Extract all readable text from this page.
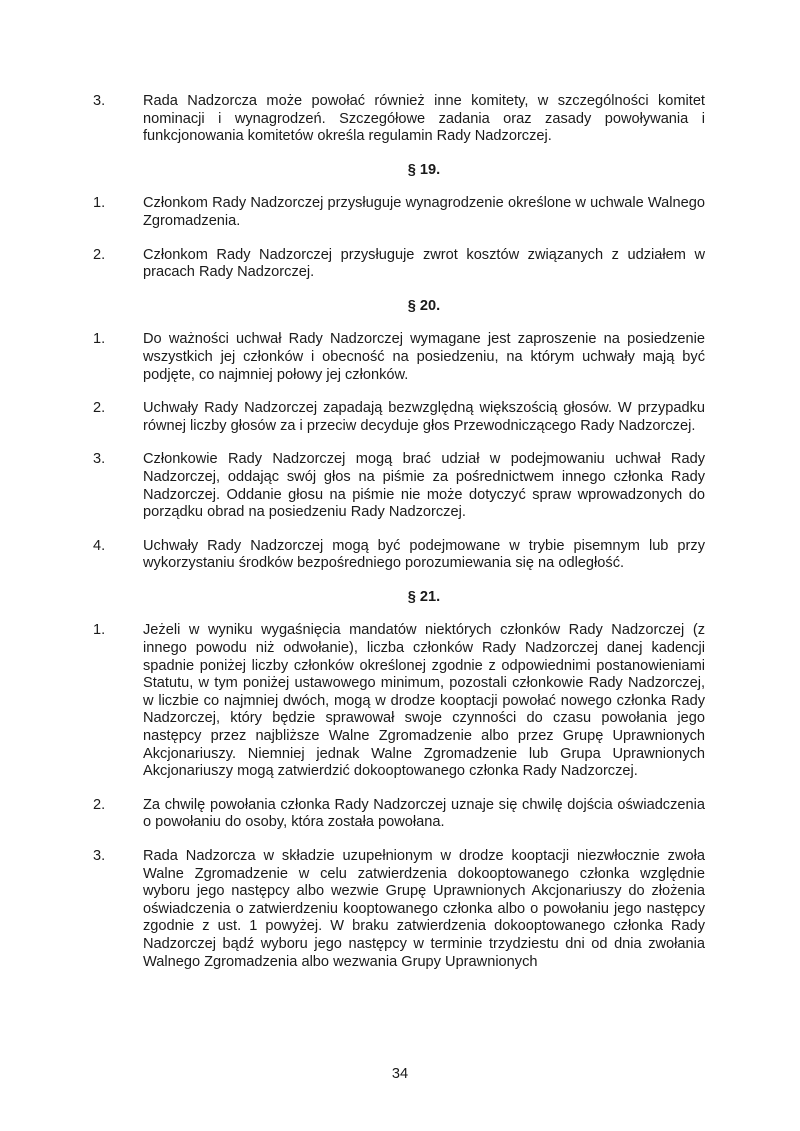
3.	Rada Nadzorcza może powołać również inne komitety, w szczególności komitet nominacji i wynagrodzeń. Szczegółowe zadania oraz zasady powoływania i funkcjonowania komitetów określa regulamin Rady Nadzorczej.
§ 19.
1.	Członkom Rady Nadzorczej przysługuje wynagrodzenie określone w uchwale Walnego Zgromadzenia.
2.	Członkom Rady Nadzorczej przysługuje zwrot kosztów związanych z udziałem w pracach Rady Nadzorczej.
§ 20.
1.	Do ważności uchwał Rady Nadzorczej wymagane jest zaproszenie na posiedzenie wszystkich jej członków i obecność na posiedzeniu, na którym uchwały mają być podjęte, co najmniej połowy jej członków.
2.	Uchwały Rady Nadzorczej zapadają bezwzględną większością głosów. W przypadku równej liczby głosów za i przeciw decyduje głos Przewodniczącego Rady Nadzorczej.
3.	Członkowie Rady Nadzorczej mogą brać udział w podejmowaniu uchwał Rady Nadzorczej, oddając swój głos na piśmie za pośrednictwem innego członka Rady Nadzorczej. Oddanie głosu na piśmie nie może dotyczyć spraw wprowadzonych do porządku obrad na posiedzeniu Rady Nadzorczej.
4.	Uchwały Rady Nadzorczej mogą być podejmowane w trybie pisemnym lub przy wykorzystaniu środków bezpośredniego porozumiewania się na odległość.
§ 21.
1.	Jeżeli w wyniku wygaśnięcia mandatów niektórych członków Rady Nadzorczej (z innego powodu niż odwołanie), liczba członków Rady Nadzorczej danej kadencji spadnie poniżej liczby członków określonej zgodnie z odpowiednimi postanowieniami Statutu, w tym poniżej ustawowego minimum, pozostali członkowie Rady Nadzorczej, w liczbie co najmniej dwóch, mogą w drodze kooptacji powołać nowego członka Rady Nadzorczej, który będzie sprawował swoje czynności do czasu powołania jego następcy przez najbliższe Walne Zgromadzenie albo przez Grupę Uprawnionych Akcjonariuszy. Niemniej jednak Walne Zgromadzenie lub Grupa Uprawnionych Akcjonariuszy mogą zatwierdzić dokooptowanego członka Rady Nadzorczej.
2.	Za chwilę powołania członka Rady Nadzorczej uznaje się chwilę dojścia oświadczenia o powołaniu do osoby, która została powołana.
3.	Rada Nadzorcza w składzie uzupełnionym w drodze kooptacji niezwłocznie zwoła Walne Zgromadzenie w celu zatwierdzenia dokooptowanego członka względnie wyboru jego następcy albo wezwie Grupę Uprawnionych Akcjonariuszy do złożenia oświadczenia o zatwierdzeniu kooptowanego członka albo o powołaniu jego następcy zgodnie z ust. 1 powyżej. W braku zatwierdzenia dokooptowanego członka Rady Nadzorczej bądź wyboru jego następcy w terminie trzydziestu dni od dnia zwołania Walnego Zgromadzenia albo wezwania Grupy Uprawnionych
34
